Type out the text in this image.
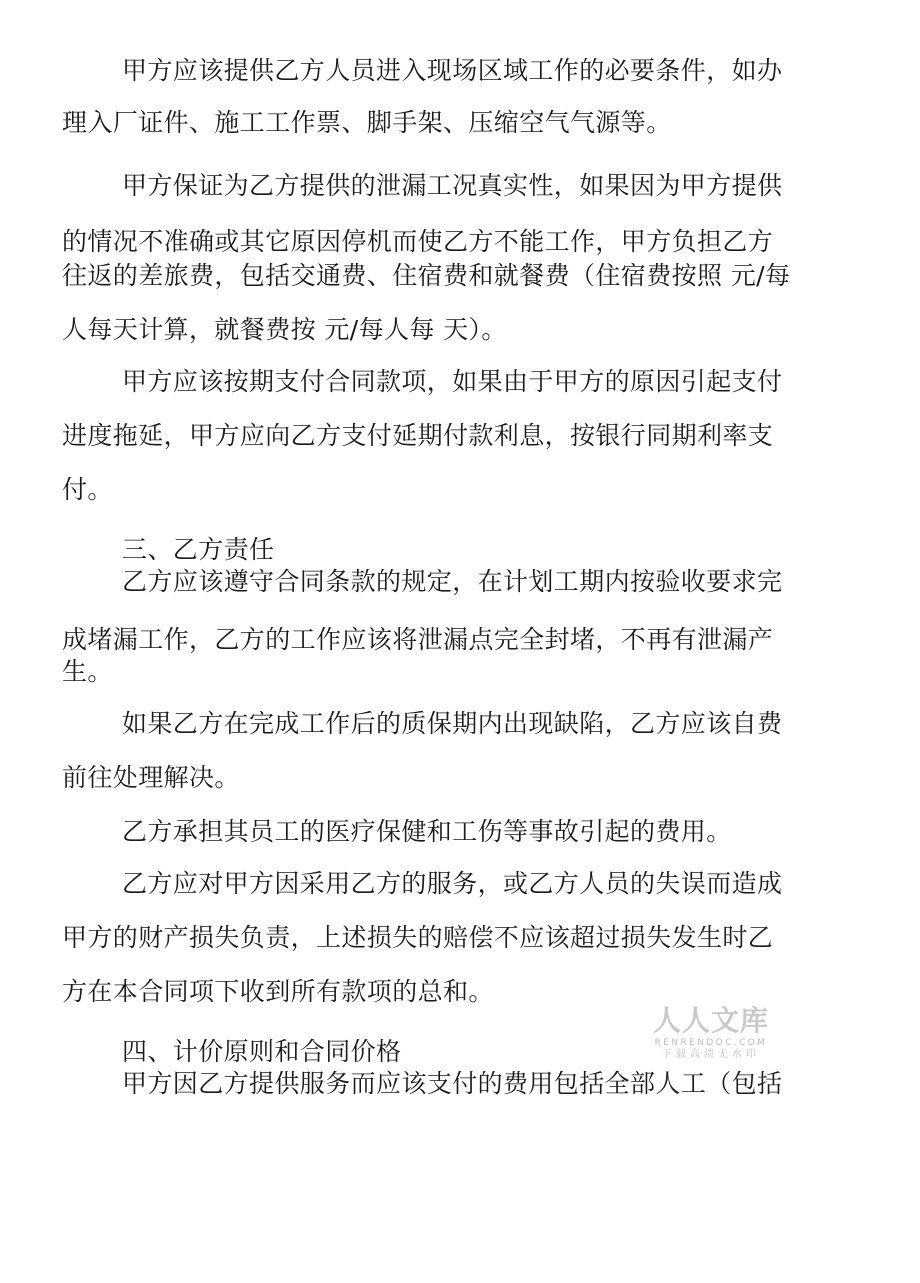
甲方应该提供乙方人员进入现场区域工作的必要条件，如办
理入厂证件、施工工作票、脚手架、压缩空气气源等。
甲方保证为乙方提供的泄漏工况真实性，如果因为甲方提供
的情况不准确或其它原因停机而使乙方不能工作，甲方负担乙方
往返的差旅费，包括交通费、住宿费和就餐费（住宿费按照 元/每
人每天计算，就餐费按 元/每人每 天）。
甲方应该按期支付合同款项，如果由于甲方的原因引起支付
进度拖延，甲方应向乙方支付延期付款利息，按银行同期利率支
付。
三、乙方责任
乙方应该遵守合同条款的规定，在计划工期内按验收要求完
成堵漏工作，乙方的工作应该将泄漏点完全封堵，不再有泄漏产
生。
如果乙方在完成工作后的质保期内出现缺陷，乙方应该自费
前往处理解决。
乙方承担其员工的医疗保健和工伤等事故引起的费用。
乙方应对甲方因采用乙方的服务，或乙方人员的失误而造成
甲方的财产损失负责，上述损失的赔偿不应该超过损失发生时乙
方在本合同项下收到所有款项的总和。
四、计价原则和合同价格
甲方因乙方提供服务而应该支付的费用包括全部人工（包括
人人文库
RENRENDOC.COM
下载高清无水印
